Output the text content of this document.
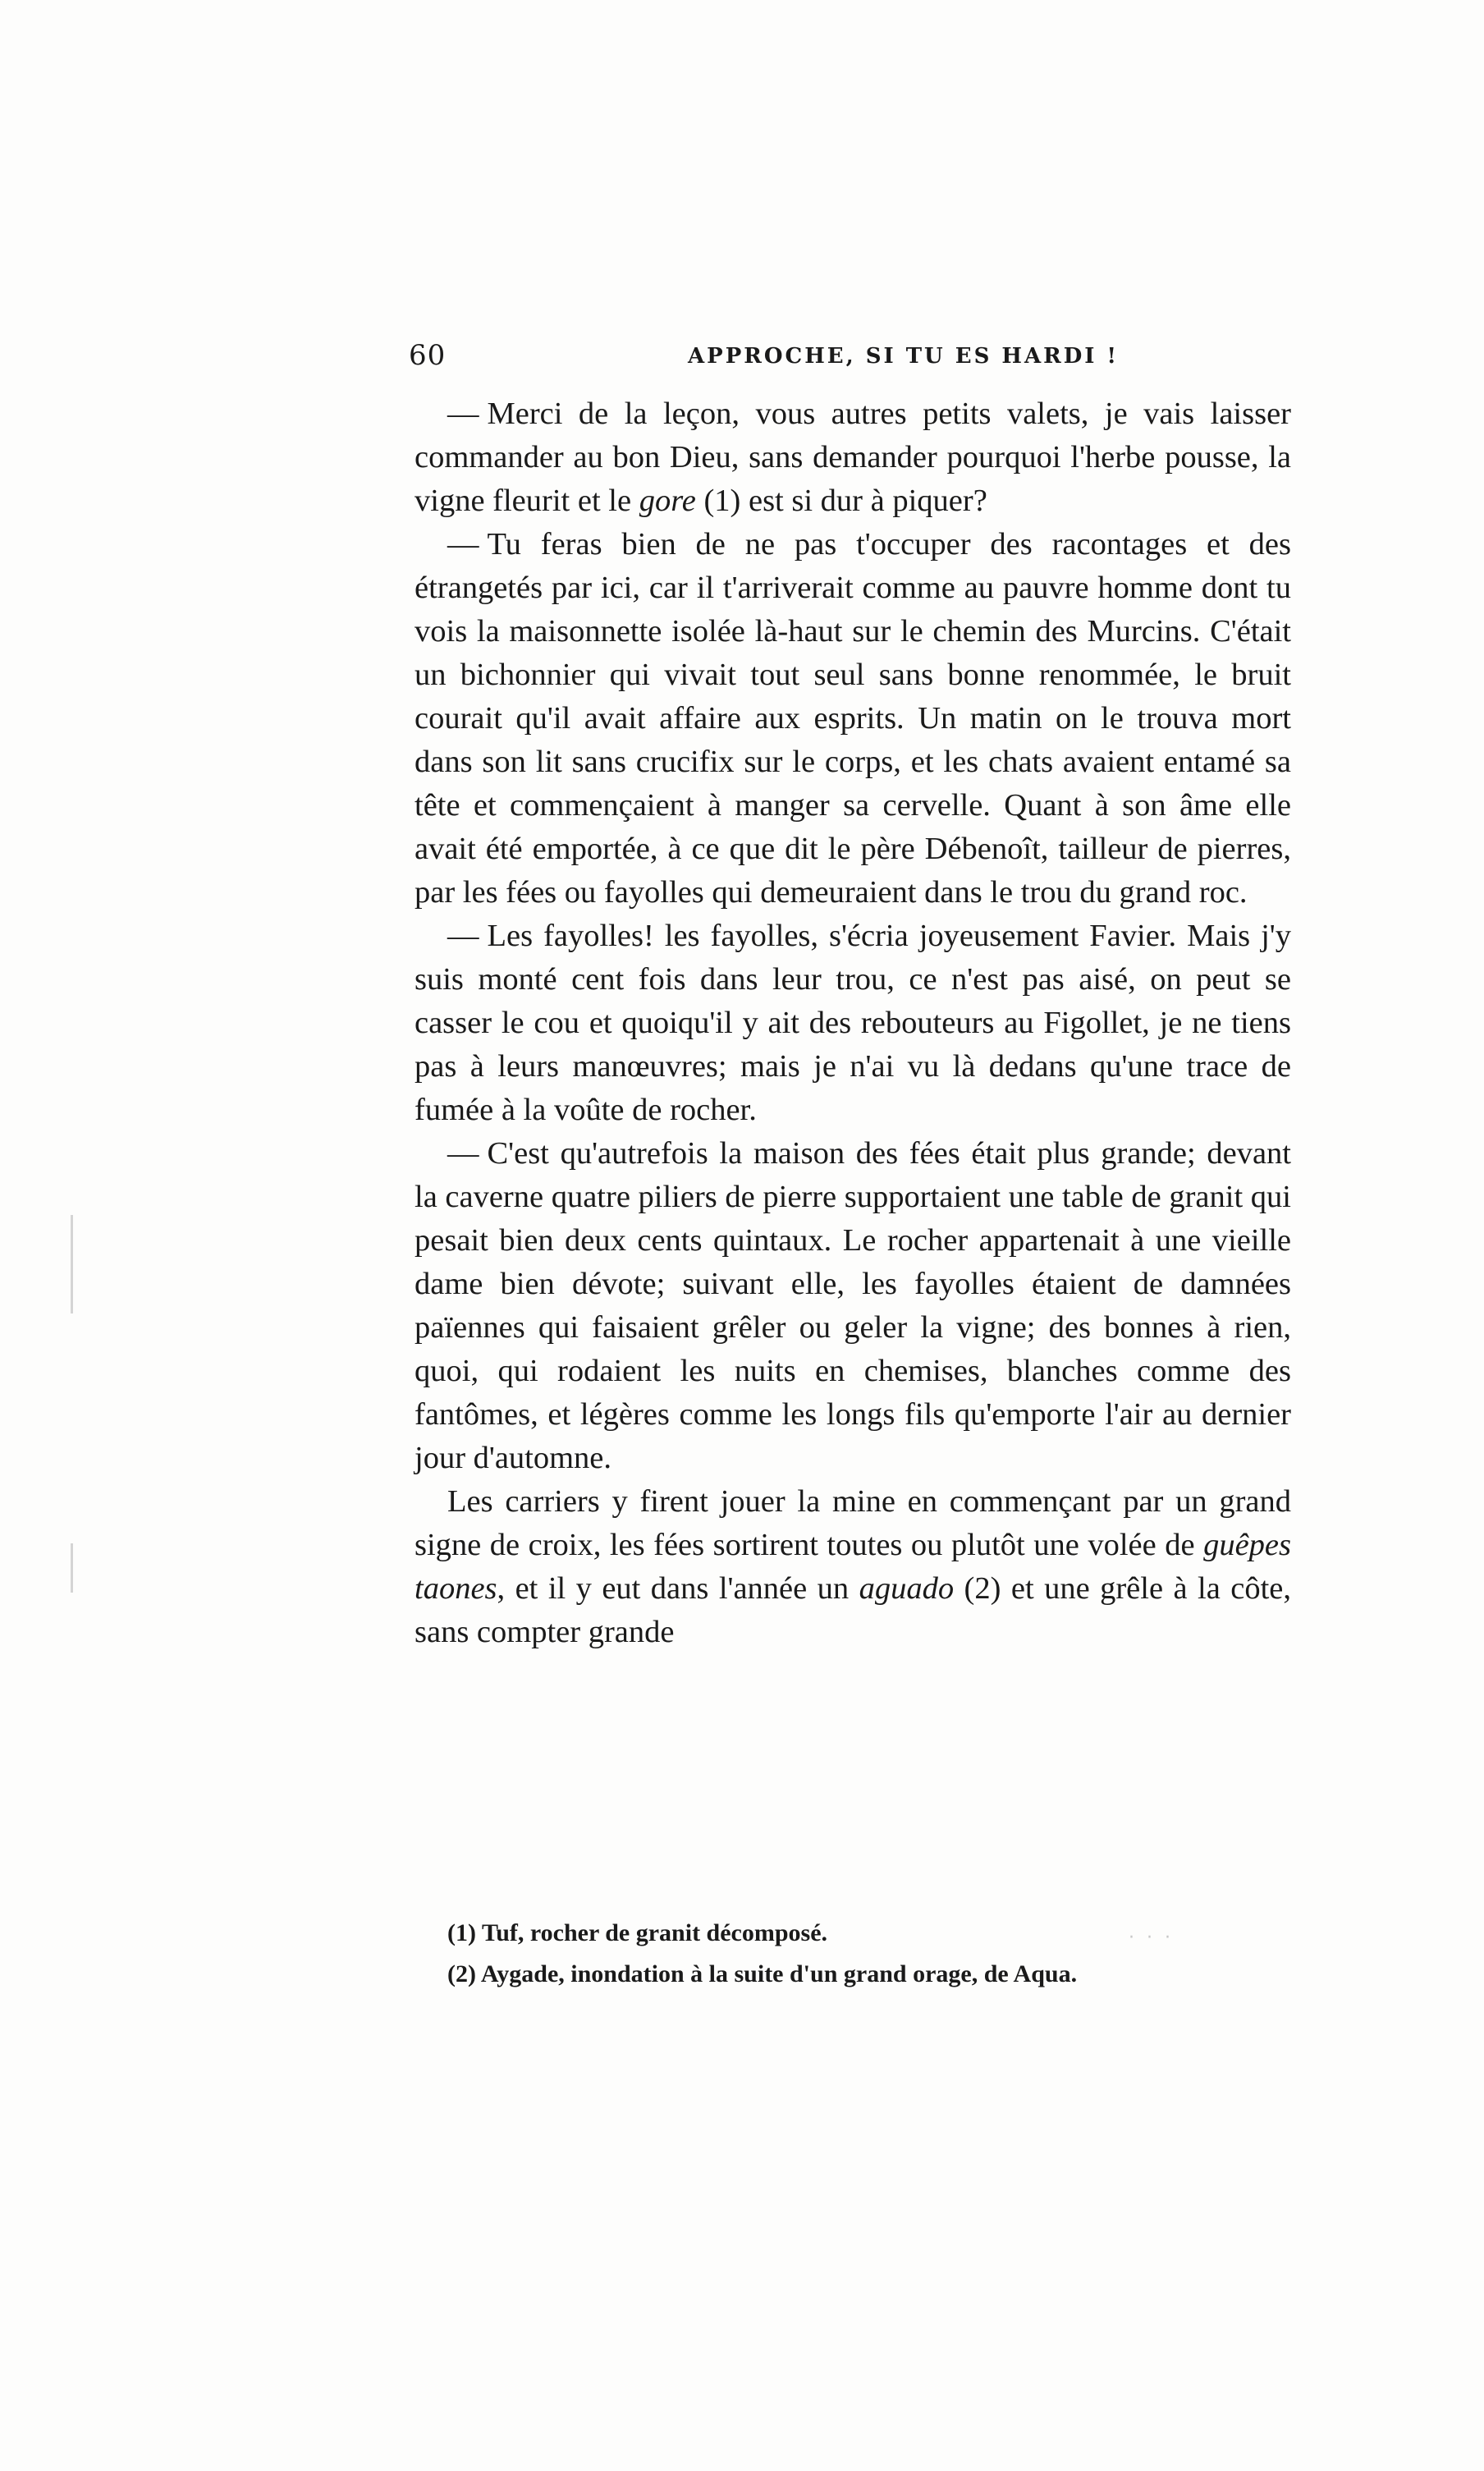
60	APPROCHE, SI TU ES HARDI !

— Merci de la leçon, vous autres petits valets, je vais laisser commander au bon Dieu, sans demander pourquoi l'herbe pousse, la vigne fleurit et le gore (1) est si dur à piquer?

— Tu feras bien de ne pas t'occuper des racontages et des étrangetés par ici, car il t'arriverait comme au pauvre homme dont tu vois la maisonnette isolée là-haut sur le chemin des Murcins. C'était un bichonnier qui vivait tout seul sans bonne renommée, le bruit courait qu'il avait affaire aux esprits. Un matin on le trouva mort dans son lit sans crucifix sur le corps, et les chats avaient entamé sa tête et commençaient à manger sa cervelle. Quant à son âme elle avait été emportée, à ce que dit le père Débenoît, tailleur de pierres, par les fées ou fayolles qui demeuraient dans le trou du grand roc.

— Les fayolles! les fayolles, s'écria joyeusement Favier. Mais j'y suis monté cent fois dans leur trou, ce n'est pas aisé, on peut se casser le cou et quoiqu'il y ait des rebouteurs au Figollet, je ne tiens pas à leurs manœuvres; mais je n'ai vu là dedans qu'une trace de fumée à la voûte de rocher.

— C'est qu'autrefois la maison des fées était plus grande; devant la caverne quatre piliers de pierre supportaient une table de granit qui pesait bien deux cents quintaux. Le rocher appartenait à une vieille dame bien dévote; suivant elle, les fayolles étaient de damnées païennes qui faisaient grêler ou geler la vigne; des bonnes à rien, quoi, qui rodaient les nuits en chemises, blanches comme des fantômes, et légères comme les longs fils qu'emporte l'air au dernier jour d'automne.

Les carriers y firent jouer la mine en commençant par un grand signe de croix, les fées sortirent toutes ou plutôt une volée de guêpes taones, et il y eut dans l'année un aguado (2) et une grêle à la côte, sans compter grande

(1) Tuf, rocher de granit décomposé.

(2) Aygade, inondation à la suite d'un grand orage, de Aqua.

· · ·
